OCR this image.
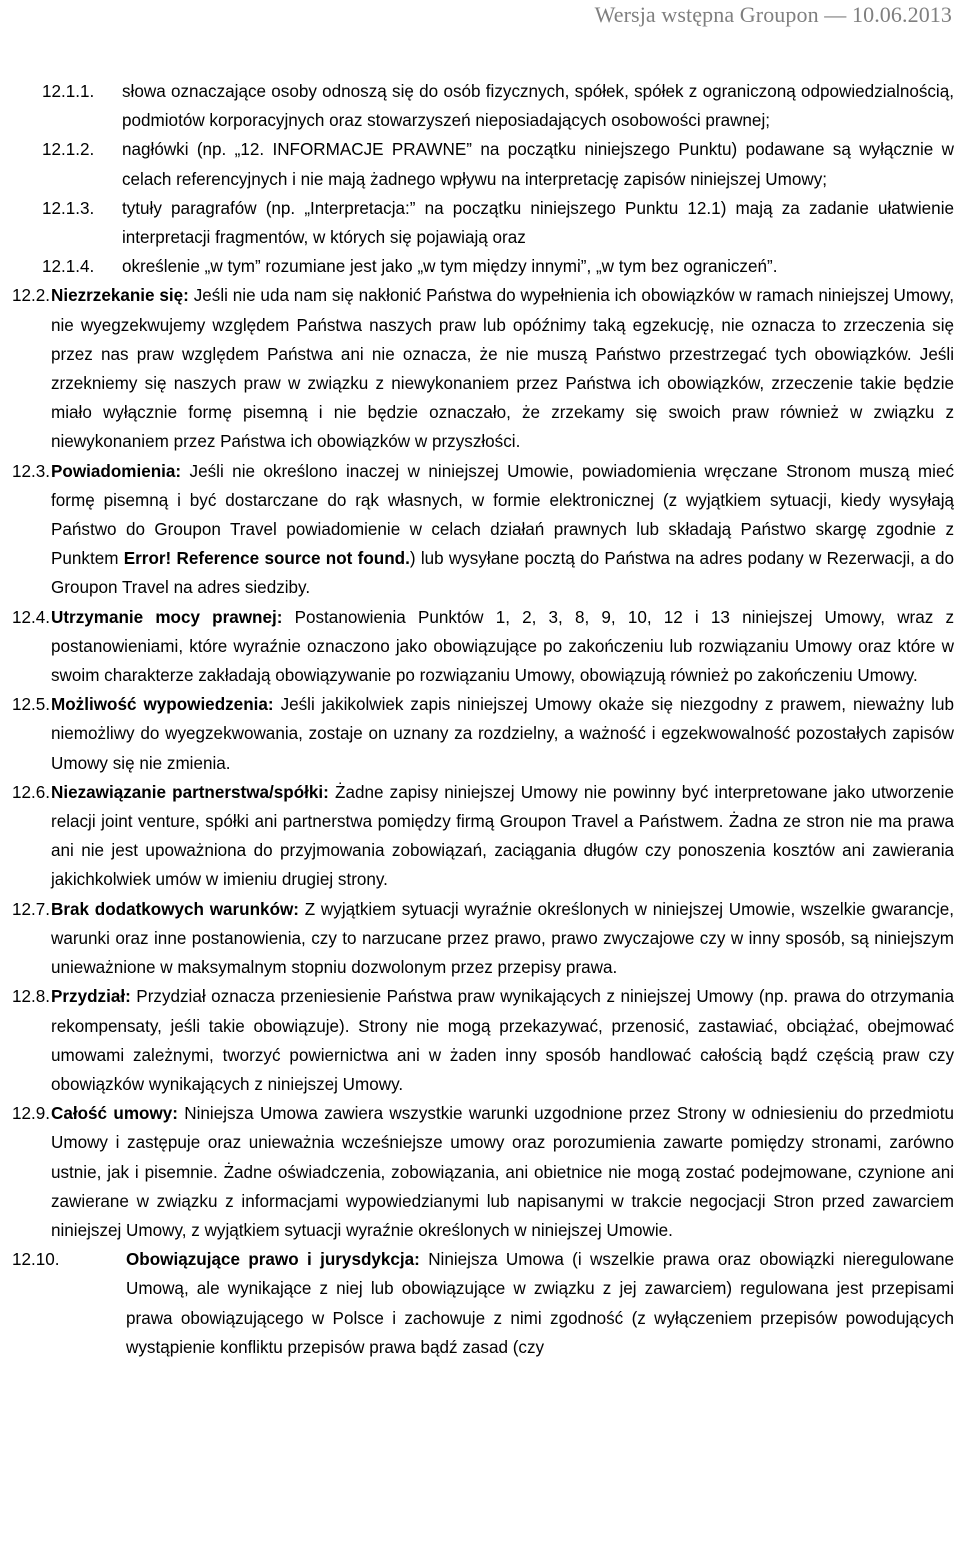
Wersja wstępna Groupon — 10.06.2013

12.1.1.	słowa oznaczające osoby odnoszą się do osób fizycznych, spółek, spółek z ograniczoną odpowiedzialnością, podmiotów korporacyjnych oraz stowarzyszeń nieposiadających osobowości prawnej;

12.1.2.	nagłówki (np. „12. INFORMACJE PRAWNE” na początku niniejszego Punktu) podawane są wyłącznie w celach referencyjnych i nie mają żadnego wpływu na interpretację zapisów niniejszej Umowy;

12.1.3.	tytuły paragrafów (np. „Interpretacja:” na początku niniejszego Punktu 12.1) mają za zadanie ułatwienie interpretacji fragmentów, w których się pojawiają oraz

12.1.4.	określenie „w tym” rozumiane jest jako „w tym między innymi”, „w tym bez ograniczeń”.

12.2. Niezrzekanie się: Jeśli nie uda nam się nakłonić Państwa do wypełnienia ich obowiązków w ramach niniejszej Umowy, nie wyegzekwujemy względem Państwa naszych praw lub opóźnimy taką egzekucję, nie oznacza to zrzeczenia się przez nas praw względem Państwa ani nie oznacza, że nie muszą Państwo przestrzegać tych obowiązków. Jeśli zrzekniemy się naszych praw w związku z niewykonaniem przez Państwa ich obowiązków, zrzeczenie takie będzie miało wyłącznie formę pisemną i nie będzie oznaczało, że zrzekamy się swoich praw również w związku z niewykonaniem przez Państwa ich obowiązków w przyszłości.

12.3. Powiadomienia: Jeśli nie określono inaczej w niniejszej Umowie, powiadomienia wręczane Stronom muszą mieć formę pisemną i być dostarczane do rąk własnych, w formie elektronicznej (z wyjątkiem sytuacji, kiedy wysyłają Państwo do Groupon Travel powiadomienie w celach działań prawnych lub składają Państwo skargę zgodnie z Punktem Error! Reference source not found.) lub wysyłane pocztą do Państwa na adres podany w Rezerwacji, a do Groupon Travel na adres siedziby.

12.4. Utrzymanie mocy prawnej: Postanowienia Punktów 1, 2, 3, 8, 9, 10, 12 i 13 niniejszej Umowy, wraz z postanowieniami, które wyraźnie oznaczono jako obowiązujące po zakończeniu lub rozwiązaniu Umowy oraz które w swoim charakterze zakładają obowiązywanie po rozwiązaniu Umowy, obowiązują również po zakończeniu Umowy.

12.5. Możliwość wypowiedzenia: Jeśli jakikolwiek zapis niniejszej Umowy okaże się niezgodny z prawem, nieważny lub niemożliwy do wyegzekwowania, zostaje on uznany za rozdzielny, a ważność i egzekwowalność pozostałych zapisów Umowy się nie zmienia.

12.6. Niezawiązanie partnerstwa/spółki: Żadne zapisy niniejszej Umowy nie powinny być interpretowane jako utworzenie relacji joint venture, spółki ani partnerstwa pomiędzy firmą Groupon Travel a Państwem. Żadna ze stron nie ma prawa ani nie jest upoważniona do przyjmowania zobowiązań, zaciągania długów czy ponoszenia kosztów ani zawierania jakichkolwiek umów w imieniu drugiej strony.

12.7. Brak dodatkowych warunków: Z wyjątkiem sytuacji wyraźnie określonych w niniejszej Umowie, wszelkie gwarancje, warunki oraz inne postanowienia, czy to narzucane przez prawo, prawo zwyczajowe czy w inny sposób, są niniejszym unieważnione w maksymalnym stopniu dozwolonym przez przepisy prawa.

12.8. Przydział: Przydział oznacza przeniesienie Państwa praw wynikających z niniejszej Umowy (np. prawa do otrzymania rekompensaty, jeśli takie obowiązuje). Strony nie mogą przekazywać, przenosić, zastawiać, obciążać, obejmować umowami zależnymi, tworzyć powiernictwa ani w żaden inny sposób handlować całością bądź częścią praw czy obowiązków wynikających z niniejszej Umowy.

12.9. Całość umowy: Niniejsza Umowa zawiera wszystkie warunki uzgodnione przez Strony w odniesieniu do przedmiotu Umowy i zastępuje oraz unieważnia wcześniejsze umowy oraz porozumienia zawarte pomiędzy stronami, zarówno ustnie, jak i pisemnie. Żadne oświadczenia, zobowiązania, ani obietnice nie mogą zostać podejmowane, czynione ani zawierane w związku z informacjami wypowiedzianymi lub napisanymi w trakcie negocjacji Stron przed zawarciem niniejszej Umowy, z wyjątkiem sytuacji wyraźnie określonych w niniejszej Umowie.

12.10.	Obowiązujące prawo i jurysdykcja: Niniejsza Umowa (i wszelkie prawa oraz obowiązki nieregulowane Umową, ale wynikające z niej lub obowiązujące w związku z jej zawarciem) regulowana jest przepisami prawa obowiązującego w Polsce i zachowuje z nimi zgodność (z wyłączeniem przepisów powodujących wystąpienie konfliktu przepisów prawa bądź zasad (czy
